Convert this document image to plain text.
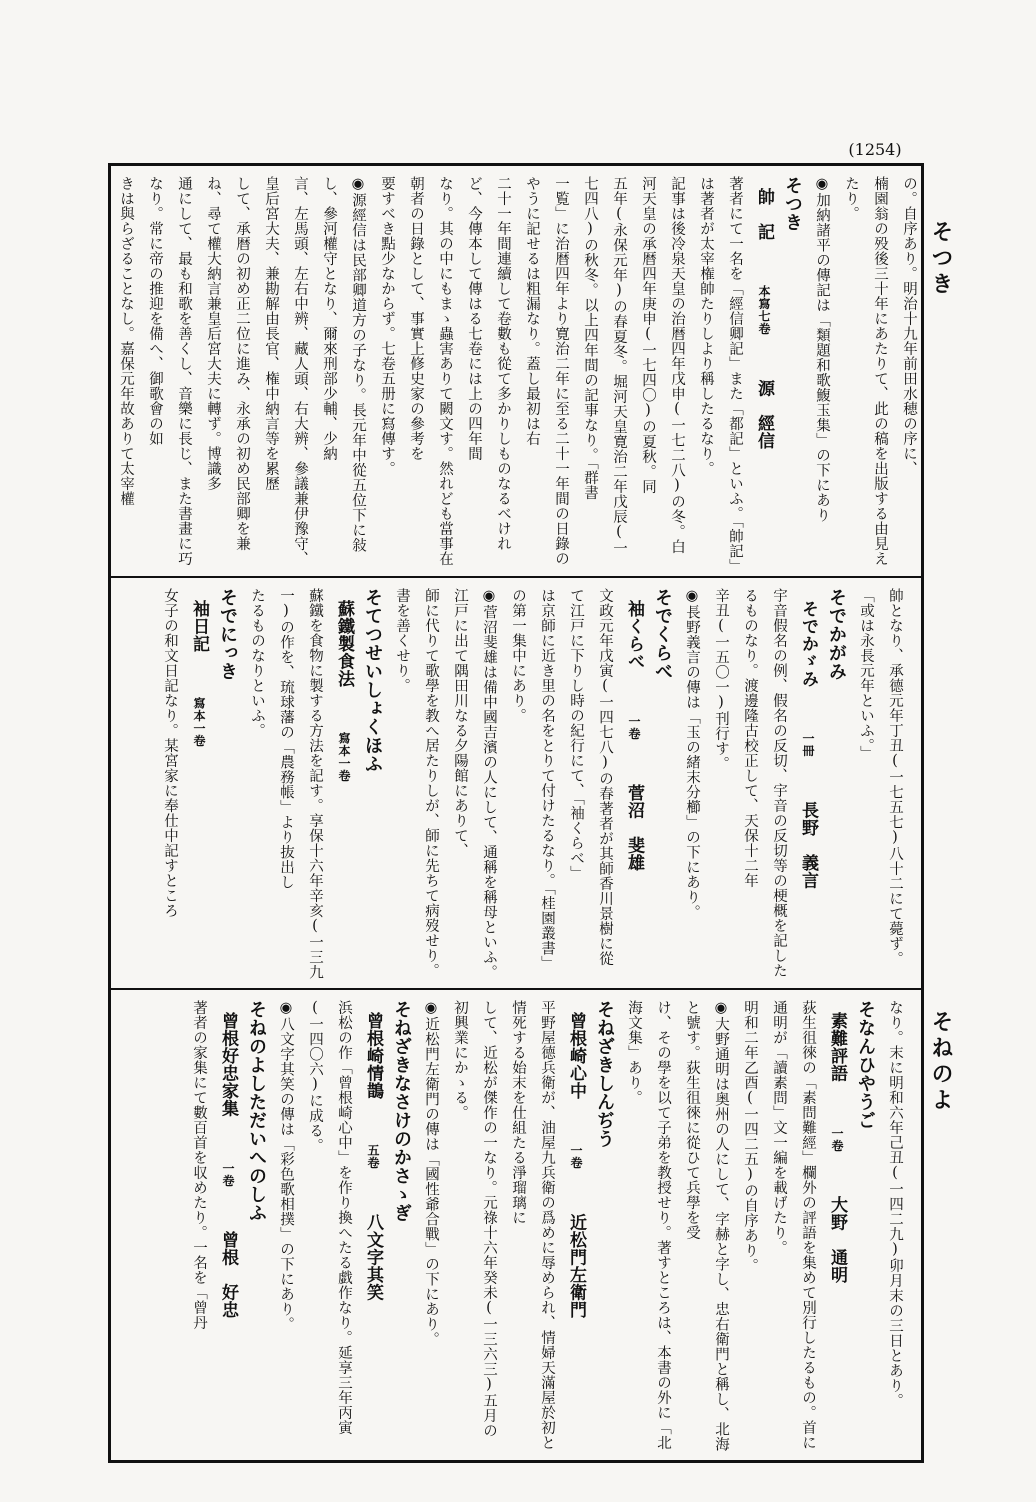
(1254)
そつき
そねのよ

の。自序あり。明治十九年前田水穂の序に、

楠園翁の殁後三十年にあたりて、此の稿を出版する由見えたり。

◉加納諸平の傳記は「類題和歌鰒玉集」の下にあり

そつき

帥　記 本寫七卷 源　經信

著者にて一名を「經信卿記」また「都記」といふ。「帥記」は著者が太宰権帥たりしより稱したるなり。

記事は後冷泉天皇の治暦四年戊申(一七二八)の冬。白河天皇の承暦四年庚申(一七四〇)の夏秋。同

五年(永保元年)の春夏冬。堀河天皇寛治二年戊辰(一七四八)の秋冬。以上四年間の記事なり。「群書

一覧」に治暦四年より寛治二年に至る二十一年間の日錄のやうに記せるは粗漏なり。蓋し最初は右

二十一年間連續して卷數も從て多かりしものなるべけれど、今傳本して傳はる七卷には上の四年間

なり。其の中にもまゝ蟲害ありて闕文す。然れども當事在朝者の日錄として、事實上修史家の參考を

要すべき點少なからず。七卷五册に寫傳す。

◉源經信は民部卿道方の子なり。長元年中從五位下に敍し、參河權守となり、爾來刑部少輔、少納

言、左馬頭、左右中辨、藏人頭、右大辨、參議兼伊豫守、皇后宮大夫、兼勘解由長官、権中納言等を累歷

して、承暦の初め正二位に進み、永承の初め民部卿を兼ね、尋て權大納言兼皇后宮大夫に轉ず。博識多

通にして、最も和歌を善くし、音樂に長じ、また書畫に巧なり。常に帝の推迎を備へ、御歌會の如

きは與らざることなし。嘉保元年故ありて太宰權

帥となり、承德元年丁丑(一七五七)八十二にて薨ず。「或は永長元年といふ。」

そでかがみ

そでかゞみ 一冊 長野　義言

宇音假名の例、假名の反切、宇音の反切等の梗概を記したるものなり。渡邊隆古校正して、天保十二年

辛丑(一五〇一)刊行す。

◉長野義言の傳は「玉の緒末分櫛」の下にあり。

そでくらべ

袖くらべ 一卷 菅沼　斐雄

文政元年戊寅(一四七八)の春著者が其師香川景樹に從て江戸に下りし時の紀行にて、「袖くらべ」

は京師に近き里の名をとりて付けたるなり。「桂園叢書」の第一集中にあり。

◉菅沼斐雄は備中國吉濱の人にして、通稱を稱母といふ。江戸に出て隅田川なる夕陽館にありて、

師に代りて歌學を教へ居たりしが、師に先ちて病歿せり。書を善くせり。

そてつせいしょくほふ

蘇鐵製食法 寫本一卷

蘇鐵を食物に製する方法を記す。享保十六年辛亥(一三九一)の作を、琉球藩の「農務帳」より抜出し

たるものなりといふ。

そでにっき

袖日記 寫本一卷

女子の和文日記なり。某宮家に奉仕中記すところ

なり。末に明和六年己丑(一四二九)卯月末の三日とあり。

そなんひやうご

素難評語 一卷 大野　通明

荻生徂徠の「素問難經」欄外の評語を集めて別行したるもの。首に通明が「讀素問」文一編を載げたり。

明和二年乙酉(一四二五)の自序あり。

◉大野通明は奥州の人にして、字赫と字し、忠右衛門と稱し、北海と號す。荻生徂徠に從ひて兵學を受

け、その學を以て子弟を教授せり。著すところは、本書の外に「北海文集」あり。

そねざきしんぢう

曾根崎心中 一卷 近松門左衛門

平野屋德兵衛が、油屋九兵衛の爲めに辱められ、情婦天滿屋於初と情死する始末を仕組たる淨瑠璃に

して、近松が傑作の一なり。元祿十六年癸未(一三六三)五月の初興業にかゝる。

◉近松門左衛門の傳は「國性爺合戰」の下にあり。

そねざきなさけのかさゝぎ

曾根崎情鵲 五卷 八文字其笑

浜松の作「曾根崎心中」を作り換へたる戯作なり。延享三年丙寅(一四〇六)に成る。

◉八文字其笑の傳は「彩色歌相撲」の下にあり。

そねのよしただいへのしふ

曾根好忠家集 一卷 曾根　好忠

著者の家集にて數百首を収めたり。一名を「曾丹
